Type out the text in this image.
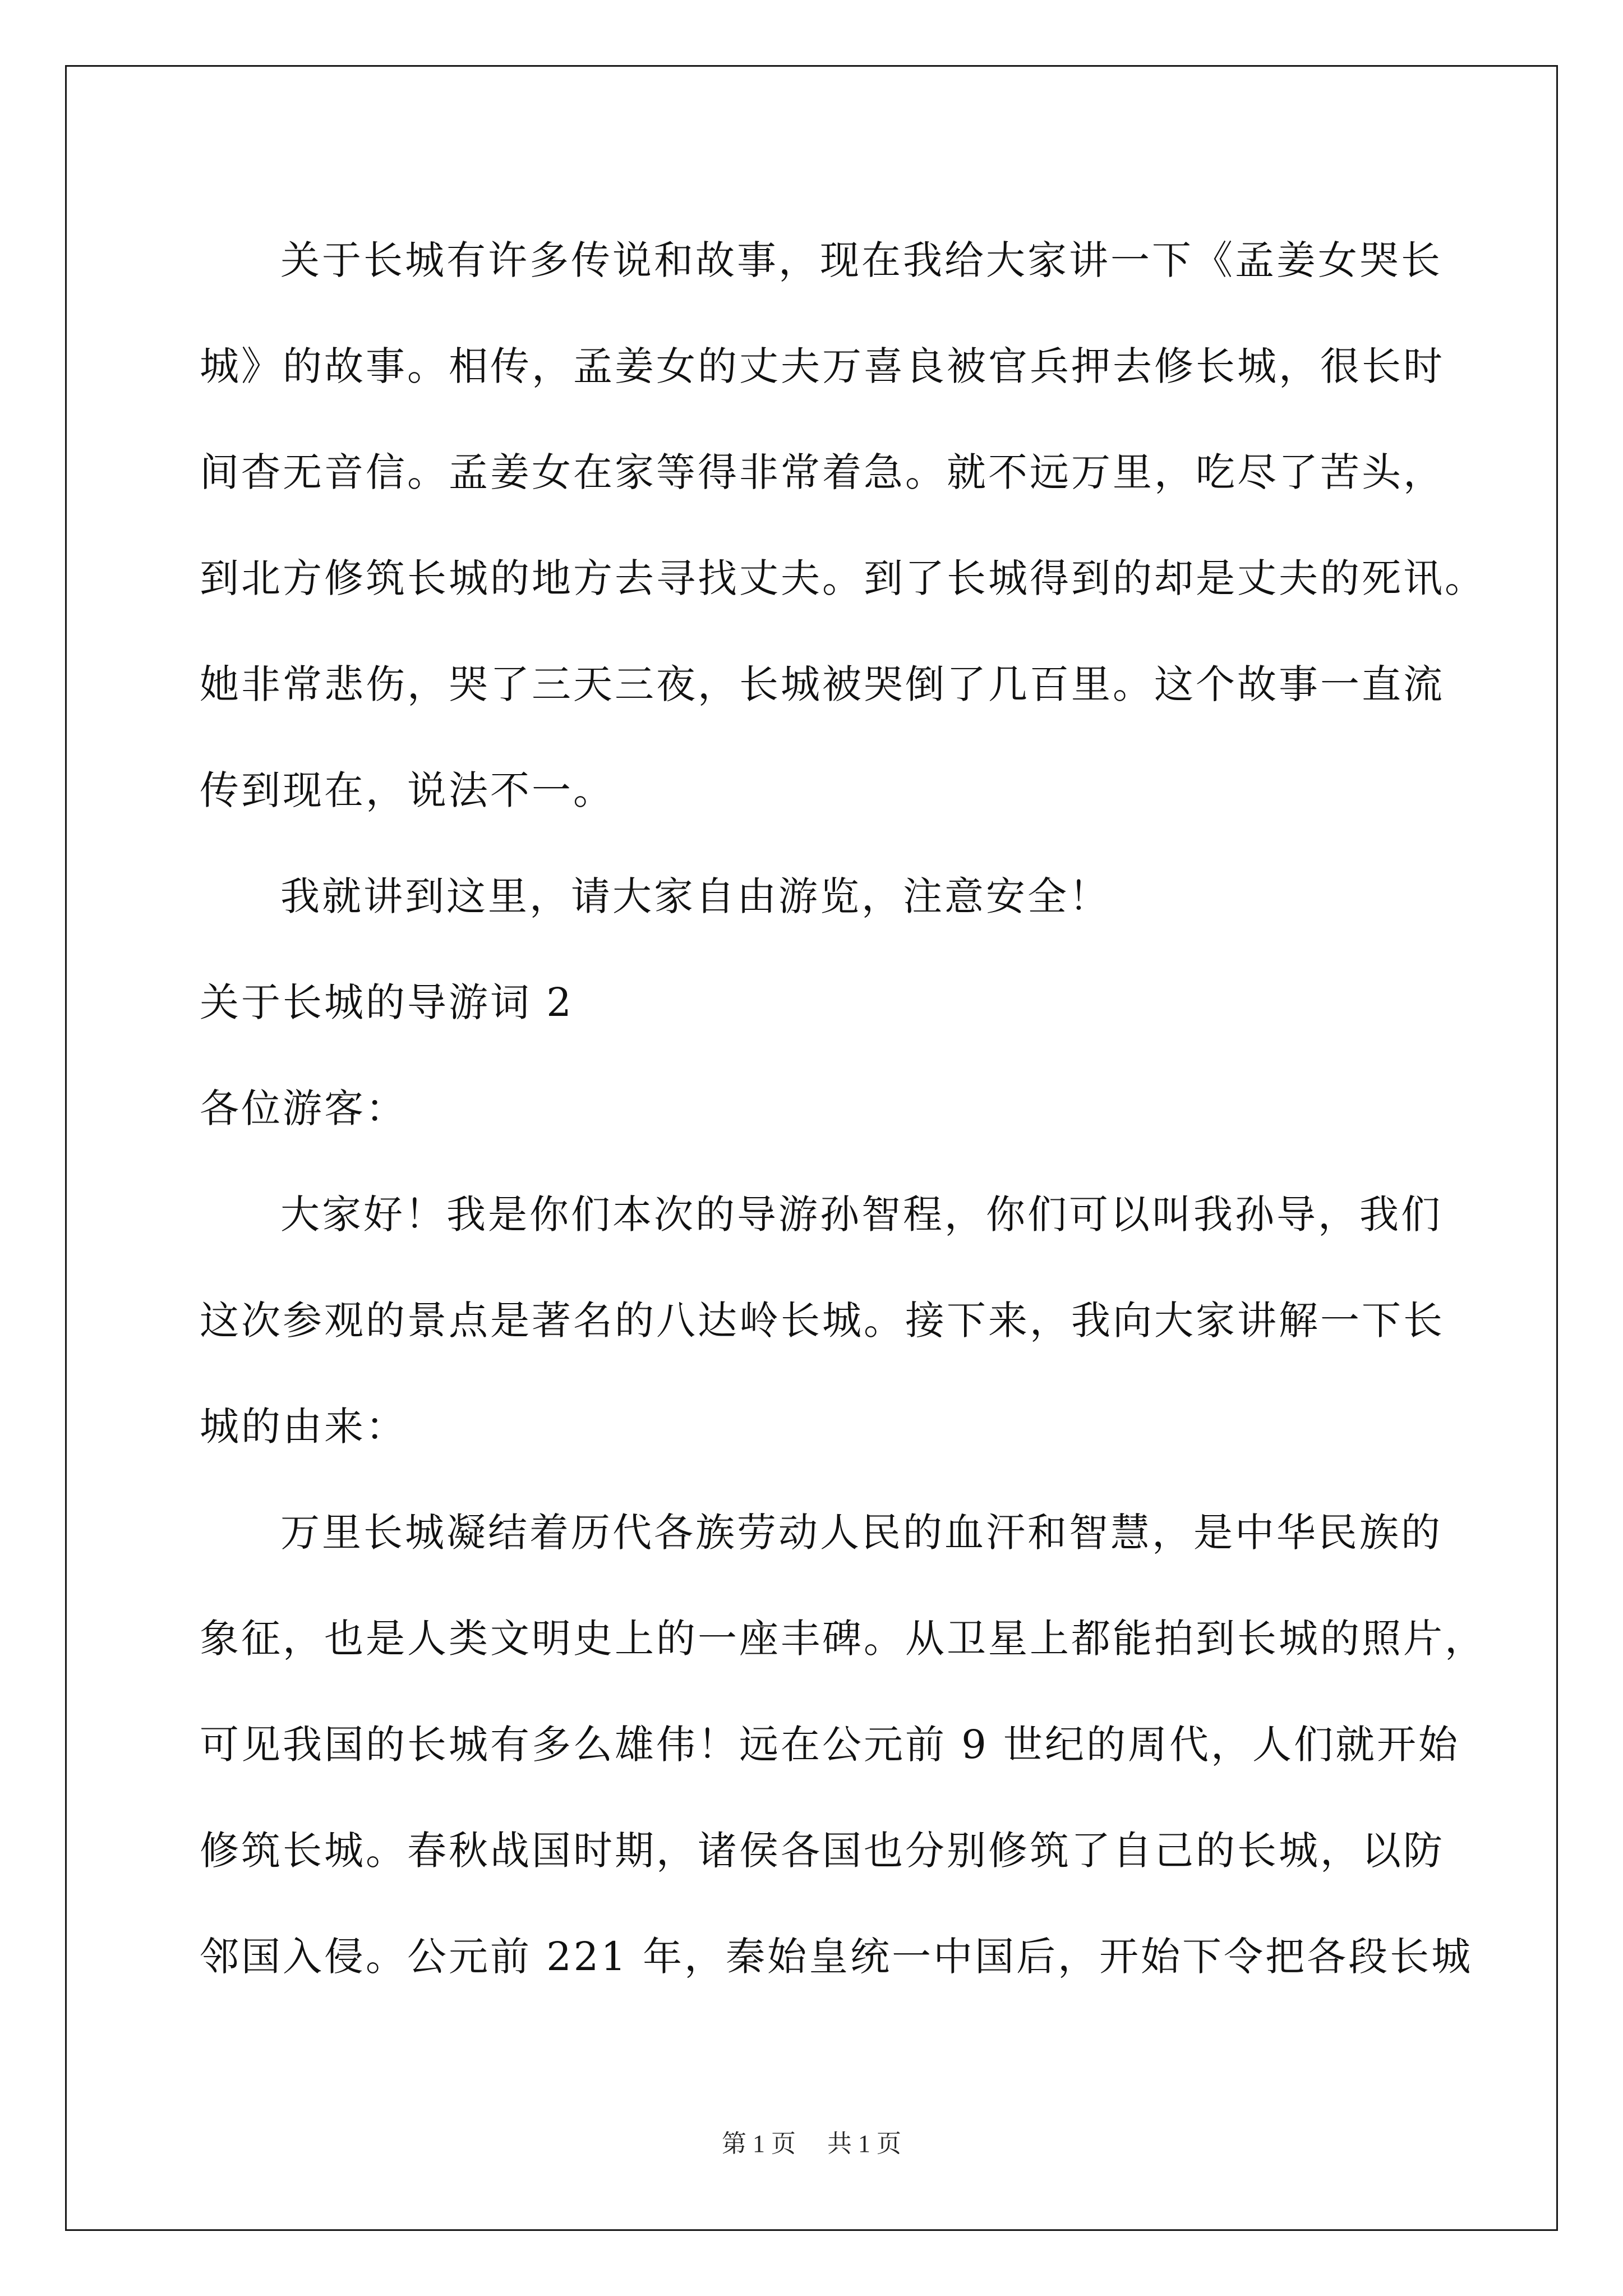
关于长城有许多传说和故事，现在我给大家讲一下《孟姜女哭长
城》的故事。相传，孟姜女的丈夫万喜良被官兵押去修长城，很长时
间杳无音信。孟姜女在家等得非常着急。就不远万里，吃尽了苦头，
到北方修筑长城的地方去寻找丈夫。到了长城得到的却是丈夫的死讯。
她非常悲伤，哭了三天三夜，长城被哭倒了几百里。这个故事一直流
传到现在，说法不一。
我就讲到这里，请大家自由游览，注意安全！
关于长城的导游词 2
各位游客：
大家好！我是你们本次的导游孙智程，你们可以叫我孙导，我们
这次参观的景点是著名的八达岭长城。接下来，我向大家讲解一下长
城的由来：
万里长城凝结着历代各族劳动人民的血汗和智慧，是中华民族的
象征，也是人类文明史上的一座丰碑。从卫星上都能拍到长城的照片，
可见我国的长城有多么雄伟！远在公元前 9 世纪的周代，人们就开始
修筑长城。春秋战国时期，诸侯各国也分别修筑了自己的长城，以防
邻国入侵。公元前 221 年，秦始皇统一中国后，开始下令把各段长城
第 1 页 共 1 页
